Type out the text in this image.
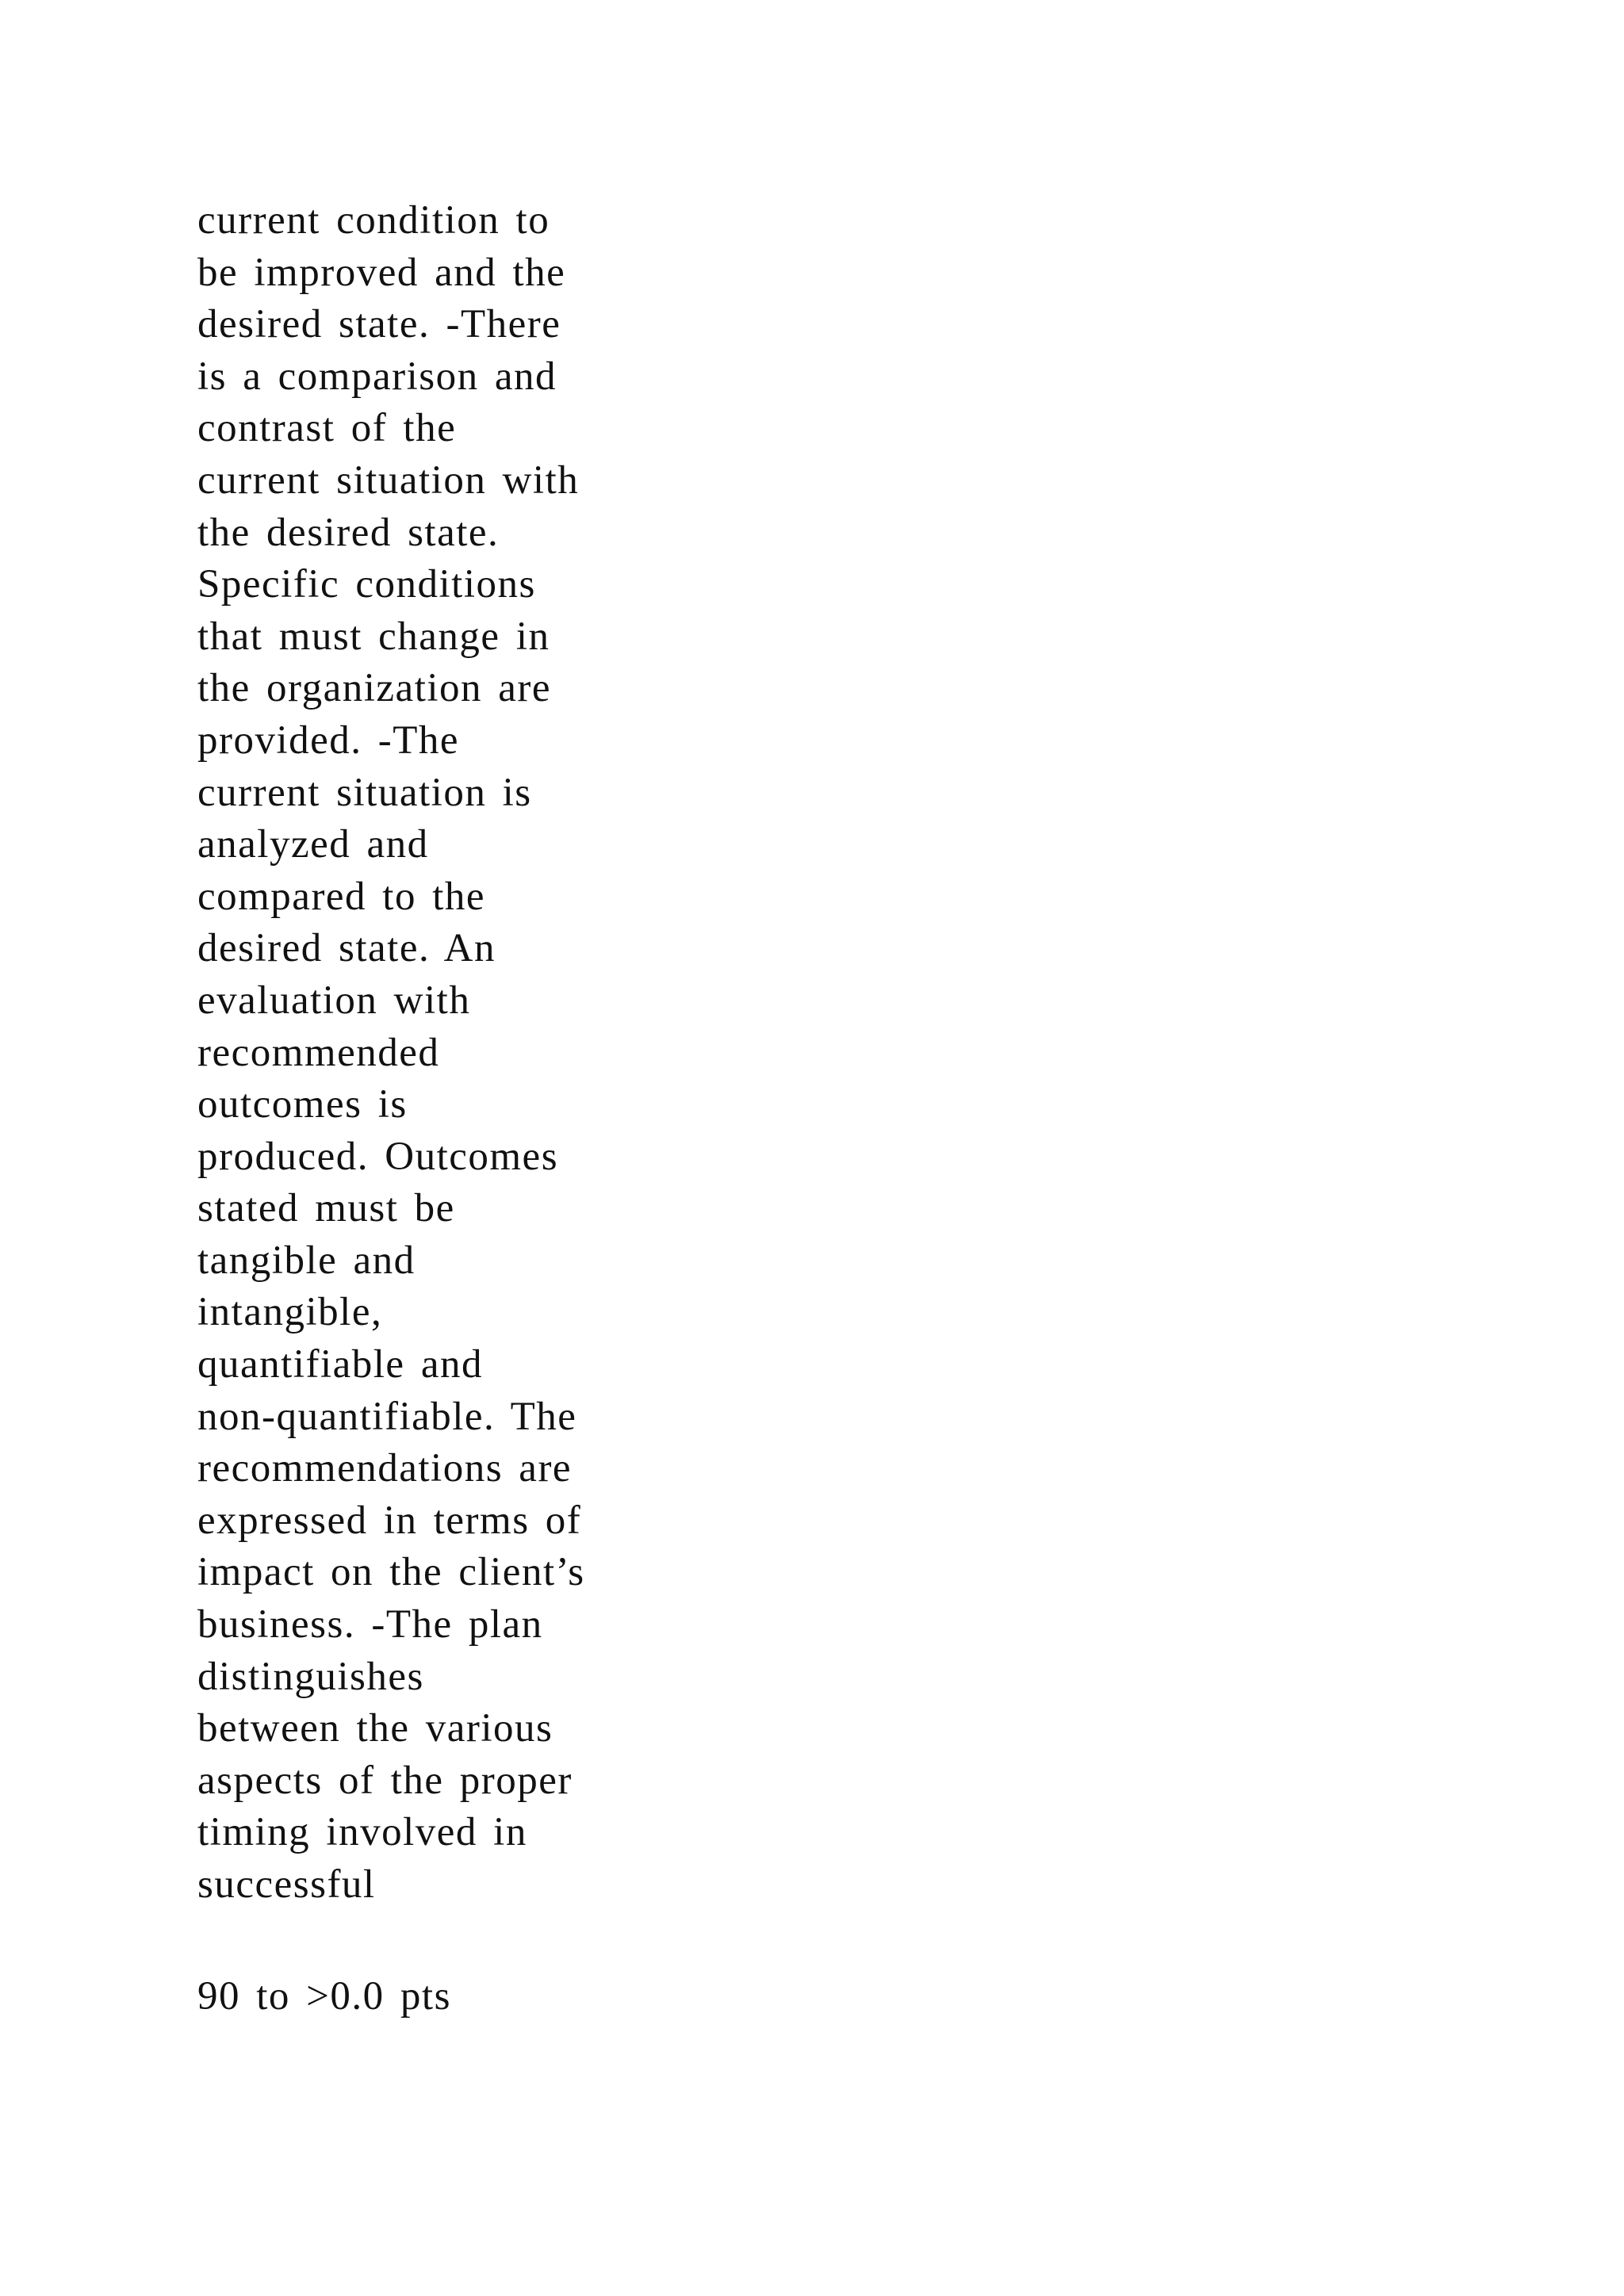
current condition to
be improved and the
desired state. -There
is a comparison and
contrast of the
current situation with
the desired state.
Specific conditions
that must change in
the organization are
provided. -The
current situation is
analyzed and
compared to the
desired state. An
evaluation with
recommended
outcomes is
produced. Outcomes
stated must be
tangible and
intangible,
quantifiable and
non-quantifiable. The
recommendations are
expressed in terms of
impact on the client’s
business. -The plan
distinguishes
between the various
aspects of the proper
timing involved in
successful
90 to >0.0 pts
